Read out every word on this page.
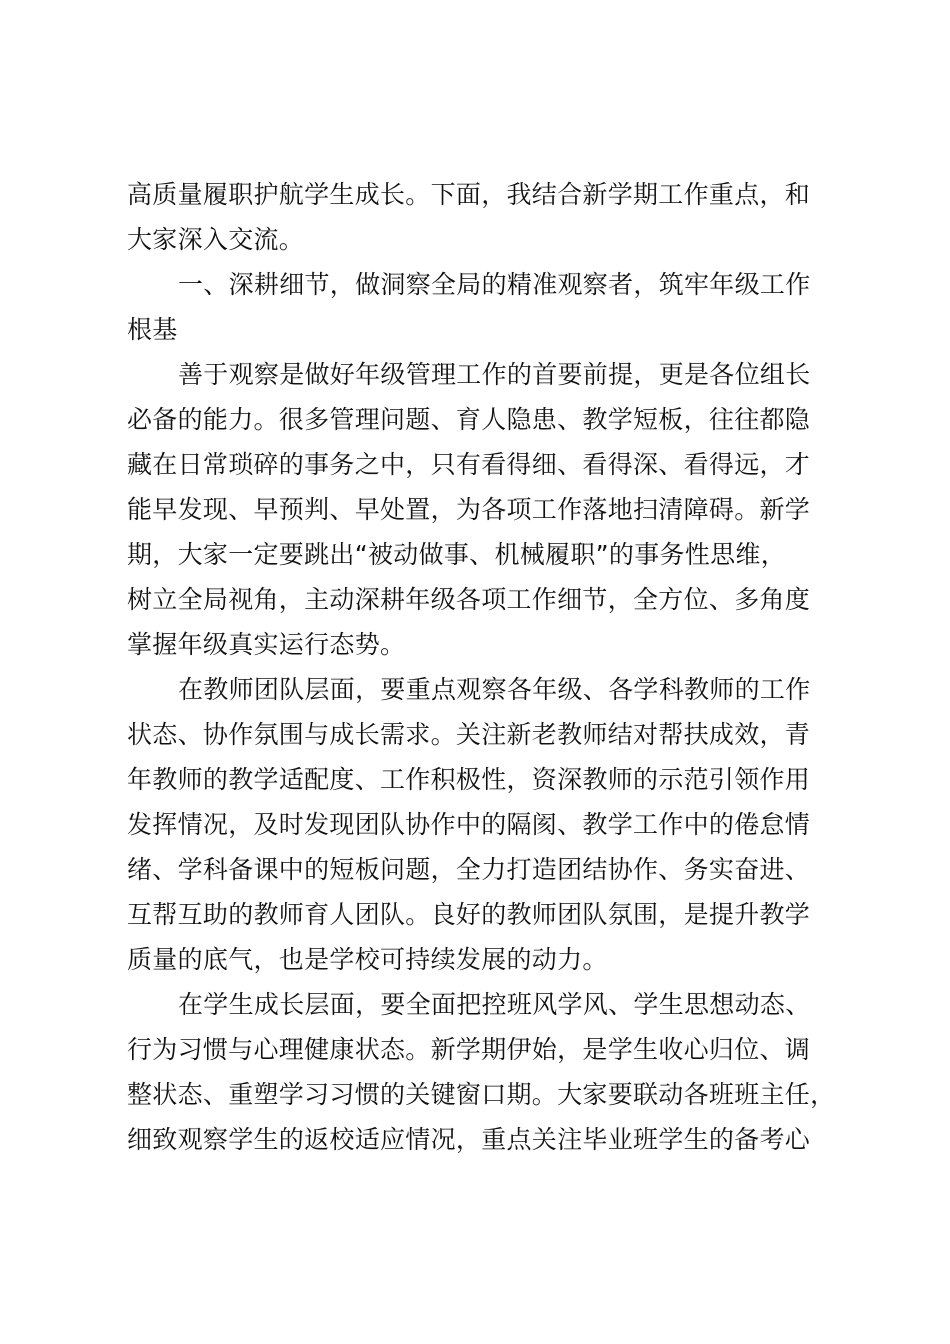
高质量履职护航学生成长。下面，我结合新学期工作重点，和
大家深入交流。
一、深耕细节，做洞察全局的精准观察者，筑牢年级工作
根基
善于观察是做好年级管理工作的首要前提，更是各位组长
必备的能力。很多管理问题、育人隐患、教学短板，往往都隐
藏在日常琐碎的事务之中，只有看得细、看得深、看得远，才
能早发现、早预判、早处置，为各项工作落地扫清障碍。新学
期，大家一定要跳出“被动做事、机械履职”的事务性思维，
树立全局视角，主动深耕年级各项工作细节，全方位、多角度
掌握年级真实运行态势。
在教师团队层面，要重点观察各年级、各学科教师的工作
状态、协作氛围与成长需求。关注新老教师结对帮扶成效，青
年教师的教学适配度、工作积极性，资深教师的示范引领作用
发挥情况，及时发现团队协作中的隔阂、教学工作中的倦怠情
绪、学科备课中的短板问题，全力打造团结协作、务实奋进、
互帮互助的教师育人团队。良好的教师团队氛围，是提升教学
质量的底气，也是学校可持续发展的动力。
在学生成长层面，要全面把控班风学风、学生思想动态、
行为习惯与心理健康状态。新学期伊始，是学生收心归位、调
整状态、重塑学习习惯的关键窗口期。大家要联动各班班主任，
细致观察学生的返校适应情况，重点关注毕业班学生的备考心
